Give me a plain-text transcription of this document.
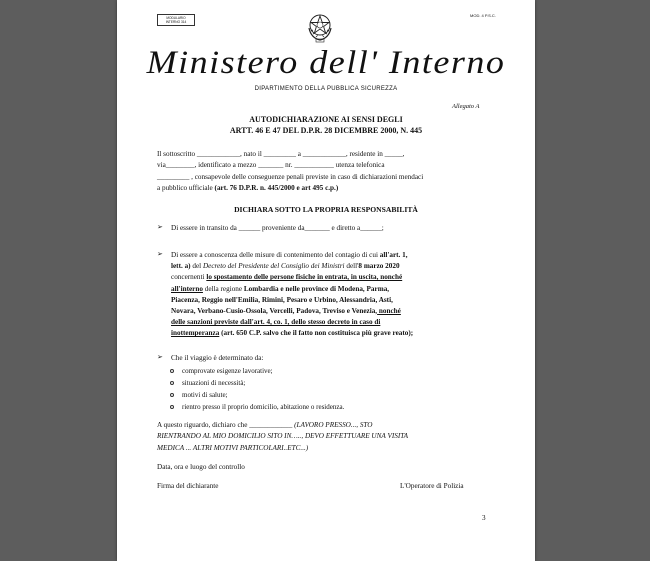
MODULARIO
INTERNO 314
MOD. 4 P.S.C.
Ministero dell' Interno
DIPARTIMENTO DELLA PUBBLICA SICUREZZA
Allegato A
AUTODICHIARAZIONE AI SENSI DEGLI
ARTT. 46 E 47 DEL D.P.R. 28 DICEMBRE 2000, N. 445
Il sottoscritto ____________, nato il _________ a ____________, residente in _____,
via________, identificato a mezzo _______ nr. ___________ utenza telefonica
_________ , consapevole delle conseguenze penali previste in caso di dichiarazioni mendaci
a pubblico ufficiale (art. 76 D.P.R. n. 445/2000 e art 495 c.p.)
DICHIARA SOTTO LA PROPRIA RESPONSABILITÀ
➢ Di essere in transito da ______ proveniente da_______ e diretto a______;
➢ Di essere a conoscenza delle misure di contenimento del contagio di cui all'art. 1,
lett. a) del Decreto del Presidente del Consiglio dei Ministri dell'8 marzo 2020
concernenti lo spostamento delle persone fisiche in entrata, in uscita, nonché
all'interno della regione Lombardia e nelle province di Modena, Parma,
Piacenza, Reggio nell'Emilia, Rimini, Pesaro e Urbino, Alessandria, Asti,
Novara, Verbano-Cusio-Ossola, Vercelli, Padova, Treviso e Venezia, nonché
delle sanzioni previste dall'art. 4, co. 1, dello stesso decreto in caso di
inottemperanza (art. 650 C.P. salvo che il fatto non costituisca più grave reato);
➢ Che il viaggio è determinato da:
comprovate esigenze lavorative;
situazioni di necessità;
motivi di salute;
rientro presso il proprio domicilio, abitazione o residenza.
A questo riguardo, dichiaro che ____________ (LAVORO PRESSO..., STO
RIENTRANDO AL MIO DOMICILIO SITO IN….., DEVO EFFETTUARE UNA VISITA
MEDICA ... ALTRI MOTIVI PARTICOLARI..ETC...)
Data, ora e luogo del controllo
Firma del dichiarante	L'Operatore di Polizia
3
